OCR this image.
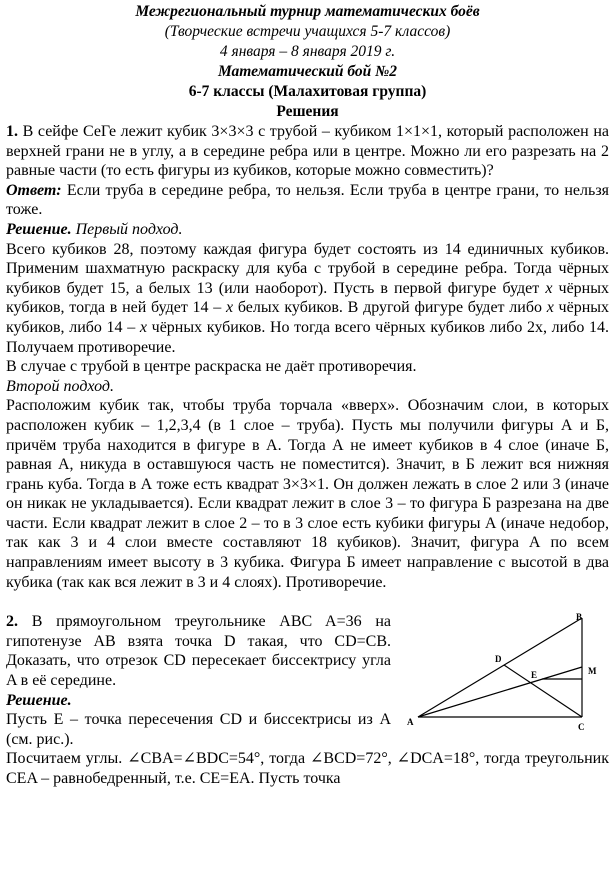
Межрегиональный турнир математических боёв
(Творческие встречи учащихся 5-7 классов)
4 января – 8 января 2019 г.
Математический бой №2
6-7 классы (Малахитовая группа)
Решения

1. В сейфе СеГе лежит кубик 3×3×3 с трубой – кубиком 1×1×1, который расположен на верхней грани не в углу, а в середине ребра или в центре. Можно ли его разрезать на 2 равные части (то есть фигуры из кубиков, которые можно совместить)?

Ответ: Если труба в середине ребра, то нельзя. Если труба в центре грани, то нельзя тоже.

Решение. Первый подход.

Всего кубиков 28, поэтому каждая фигура будет состоять из 14 единичных кубиков. Применим шахматную раскраску для куба с трубой в середине ребра. Тогда чёрных кубиков будет 15, а белых 13 (или наоборот). Пусть в первой фигуре будет x чёрных кубиков, тогда в ней будет 14 – x белых кубиков. В другой фигуре будет либо x чёрных кубиков, либо 14 – x чёрных кубиков. Но тогда всего чёрных кубиков либо 2x, либо 14. Получаем противоречие.

В случае с трубой в центре раскраска не даёт противоречия.

Второй подход.

Расположим кубик так, чтобы труба торчала «вверх». Обозначим слои, в которых расположен кубик – 1,2,3,4 (в 1 слое – труба). Пусть мы получили фигуры А и Б, причём труба находится в фигуре в А. Тогда А не имеет кубиков в 4 слое (иначе Б, равная А, никуда в оставшуюся часть не поместится). Значит, в Б лежит вся нижняя грань куба. Тогда в А тоже есть квадрат 3×3×1. Он должен лежать в слое 2 или 3 (иначе он никак не укладывается). Если квадрат лежит в слое 3 – то фигура Б разрезана на две части. Если квадрат лежит в слое 2 – то в 3 слое есть кубики фигуры А (иначе недобор, так как 3 и 4 слои вместе составляют 18 кубиков). Значит, фигура А по всем направлениям имеет высоту в 3 кубика. Фигура Б имеет направление с высотой в два кубика (так как вся лежит в 3 и 4 слоях). Противоречие.

B
D
E	M
A	C

2. В прямоугольном треугольнике ABC A=36 на гипотенузе AB взята точка D такая, что CD=CB. Доказать, что отрезок CD пересекает биссектрису угла A в её середине.

Решение.

Пусть E – точка пересечения CD и биссектрисы из A (см. рис.).

Посчитаем углы. ∠CBA=∠BDC=54°, тогда ∠BCD=72°, ∠DCA=18°, тогда треугольник CEA – равнобедренный, т.е. CE=EA. Пусть точка
